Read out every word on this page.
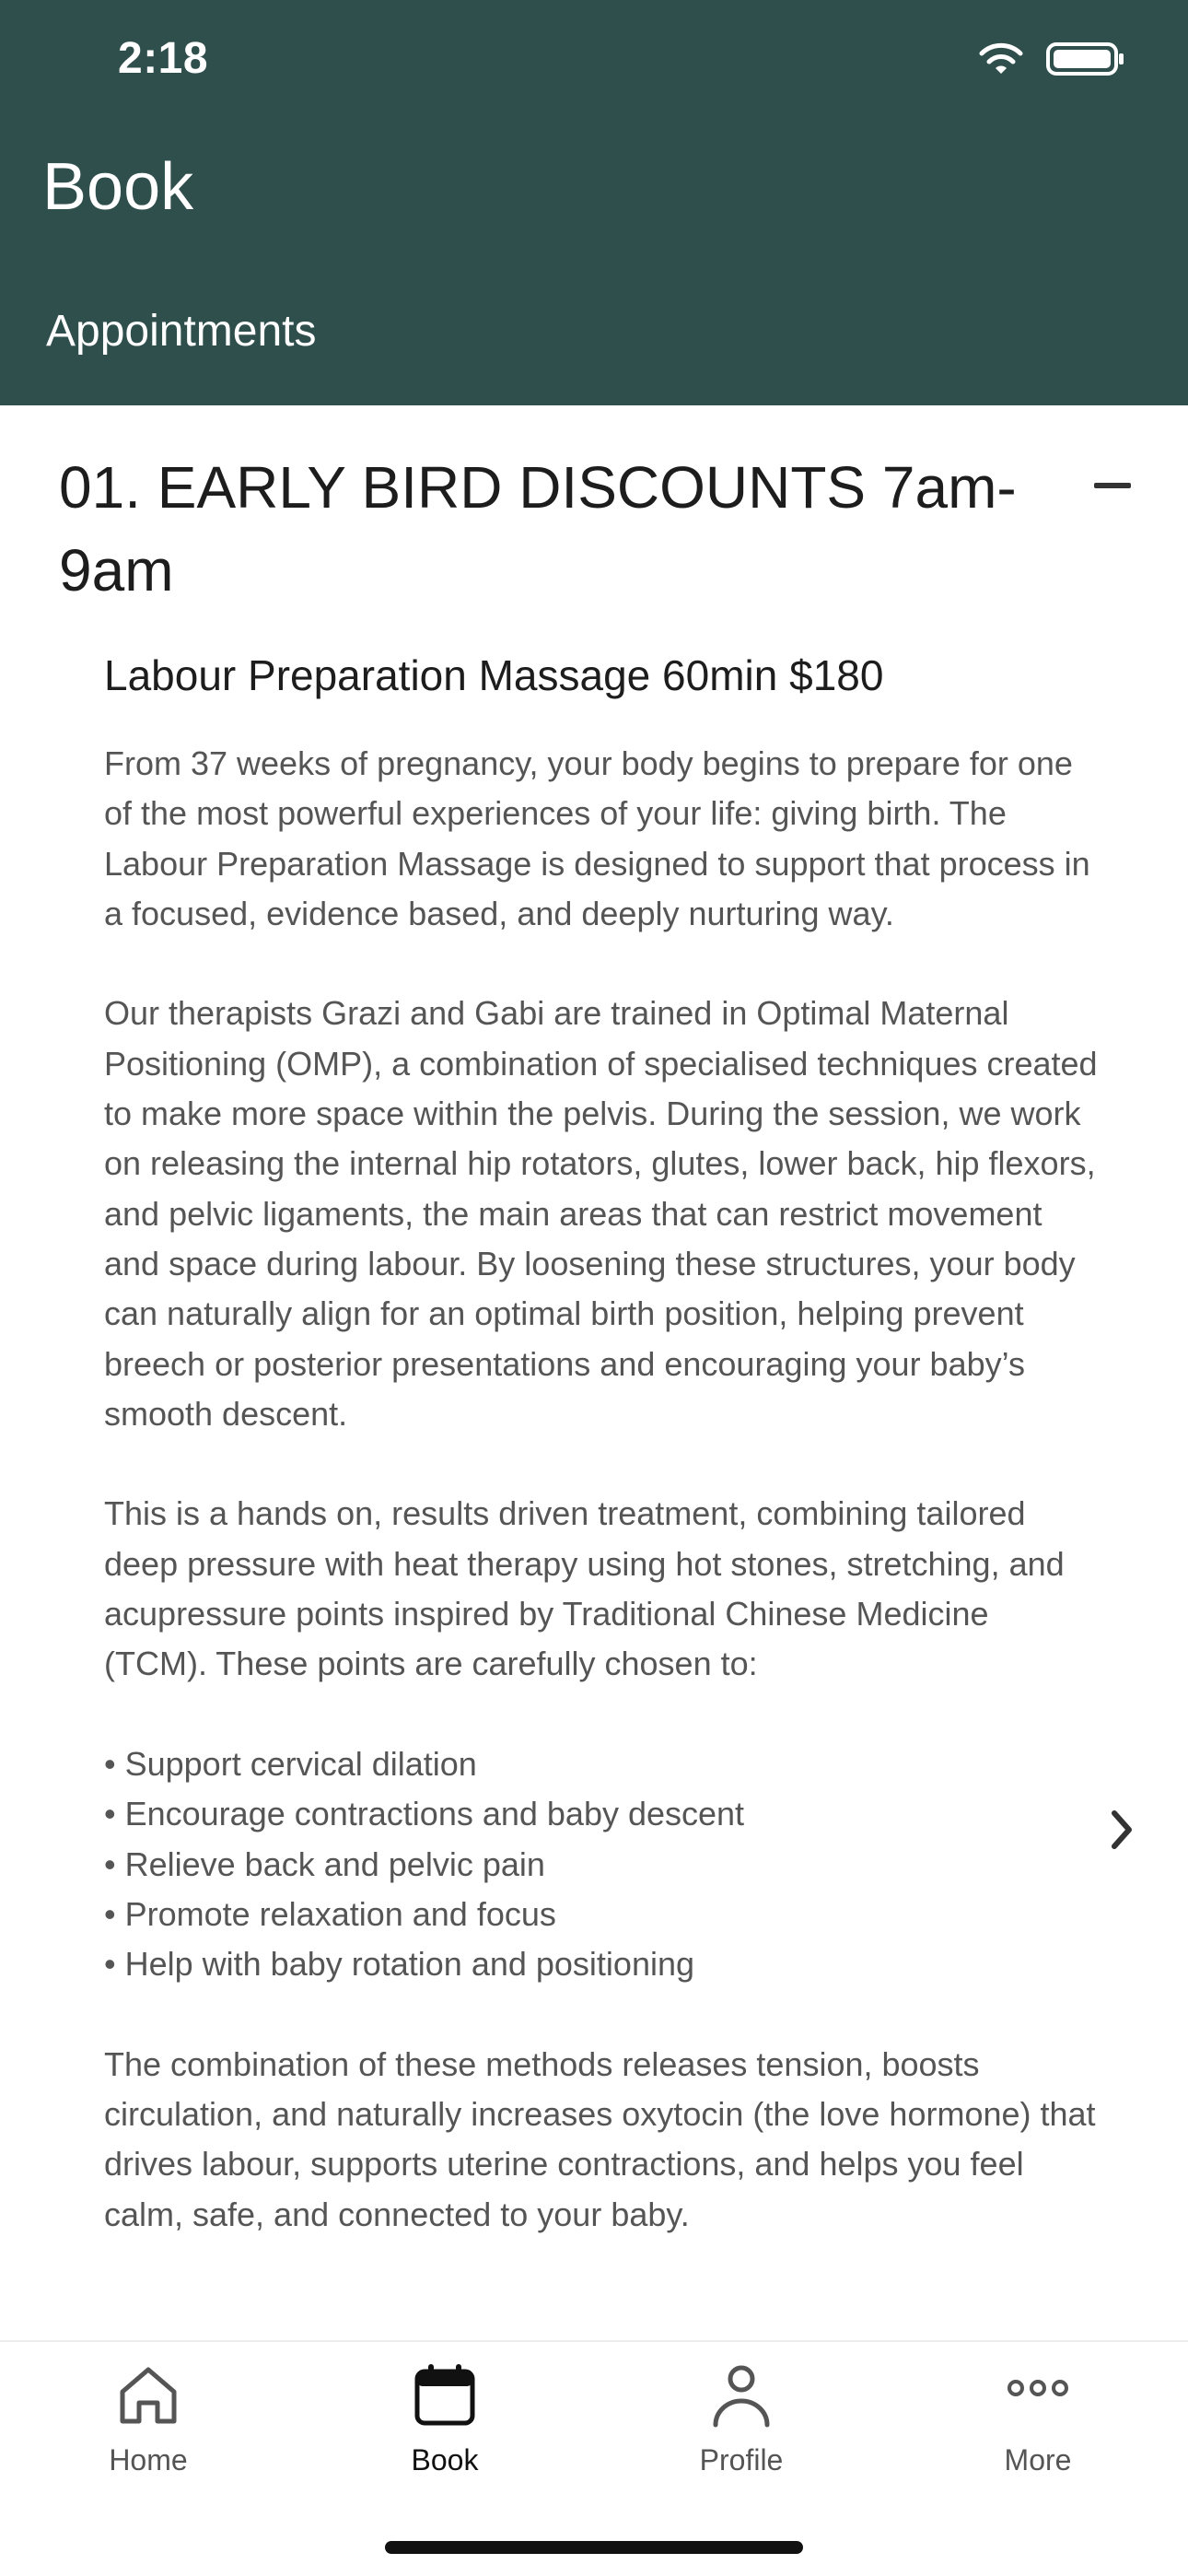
2:18
Book
Appointments
01. EARLY BIRD DISCOUNTS 7am-9am
Labour Preparation Massage 60min $180

From 37 weeks of pregnancy, your body begins to prepare for one of the most powerful experiences of your life: giving birth. The Labour Preparation Massage is designed to support that process in a focused, evidence based, and deeply nurturing way.

Our therapists Grazi and Gabi are trained in Optimal Maternal Positioning (OMP), a combination of specialised techniques created to make more space within the pelvis. During the session, we work on releasing the internal hip rotators, glutes, lower back, hip flexors, and pelvic ligaments, the main areas that can restrict movement and space during labour. By loosening these structures, your body can naturally align for an optimal birth position, helping prevent breech or posterior presentations and encouraging your baby’s smooth descent.

This is a hands on, results driven treatment, combining tailored deep pressure with heat therapy using hot stones, stretching, and acupressure points inspired by Traditional Chinese Medicine (TCM). These points are carefully chosen to:

• Support cervical dilation
• Encourage contractions and baby descent
• Relieve back and pelvic pain
• Promote relaxation and focus
• Help with baby rotation and positioning

The combination of these methods releases tension, boosts circulation, and naturally increases oxytocin (the love hormone) that drives labour, supports uterine contractions, and helps you feel calm, safe, and connected to your baby.

Home	Book	Profile	More
